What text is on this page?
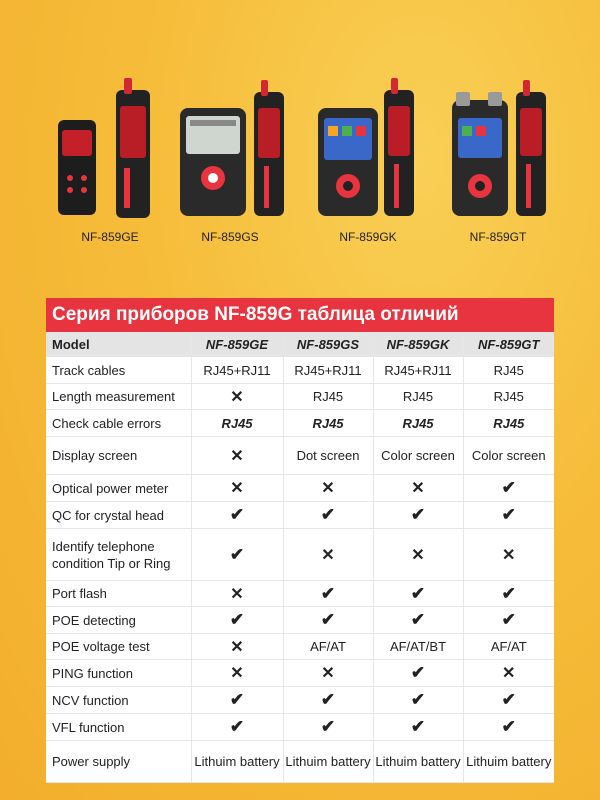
NF-859GE	NF-859GS	NF-859GK	NF-859GT
Серия приборов NF-859G таблица отличий
Model	NF-859GE	NF-859GS	NF-859GK	NF-859GT
Track cables	RJ45+RJ11	RJ45+RJ11	RJ45+RJ11	RJ45
Length measurement	✕	RJ45	RJ45	RJ45
Check cable errors	RJ45	RJ45	RJ45	RJ45
Display screen	✕	Dot screen	Color screen	Color screen
Optical power meter	✕	✕	✕	✔
QC for crystal head	✔	✔	✔	✔
Identify telephone condition Tip or Ring	✔	✕	✕	✕
Port flash	✕	✔	✔	✔
POE detecting	✔	✔	✔	✔
POE voltage test	✕	AF/AT	AF/AT/BT	AF/AT
PING function	✕	✕	✔	✕
NCV function	✔	✔	✔	✔
VFL function	✔	✔	✔	✔
Power supply	Lithuim battery	Lithuim battery	Lithuim battery	Lithuim battery
